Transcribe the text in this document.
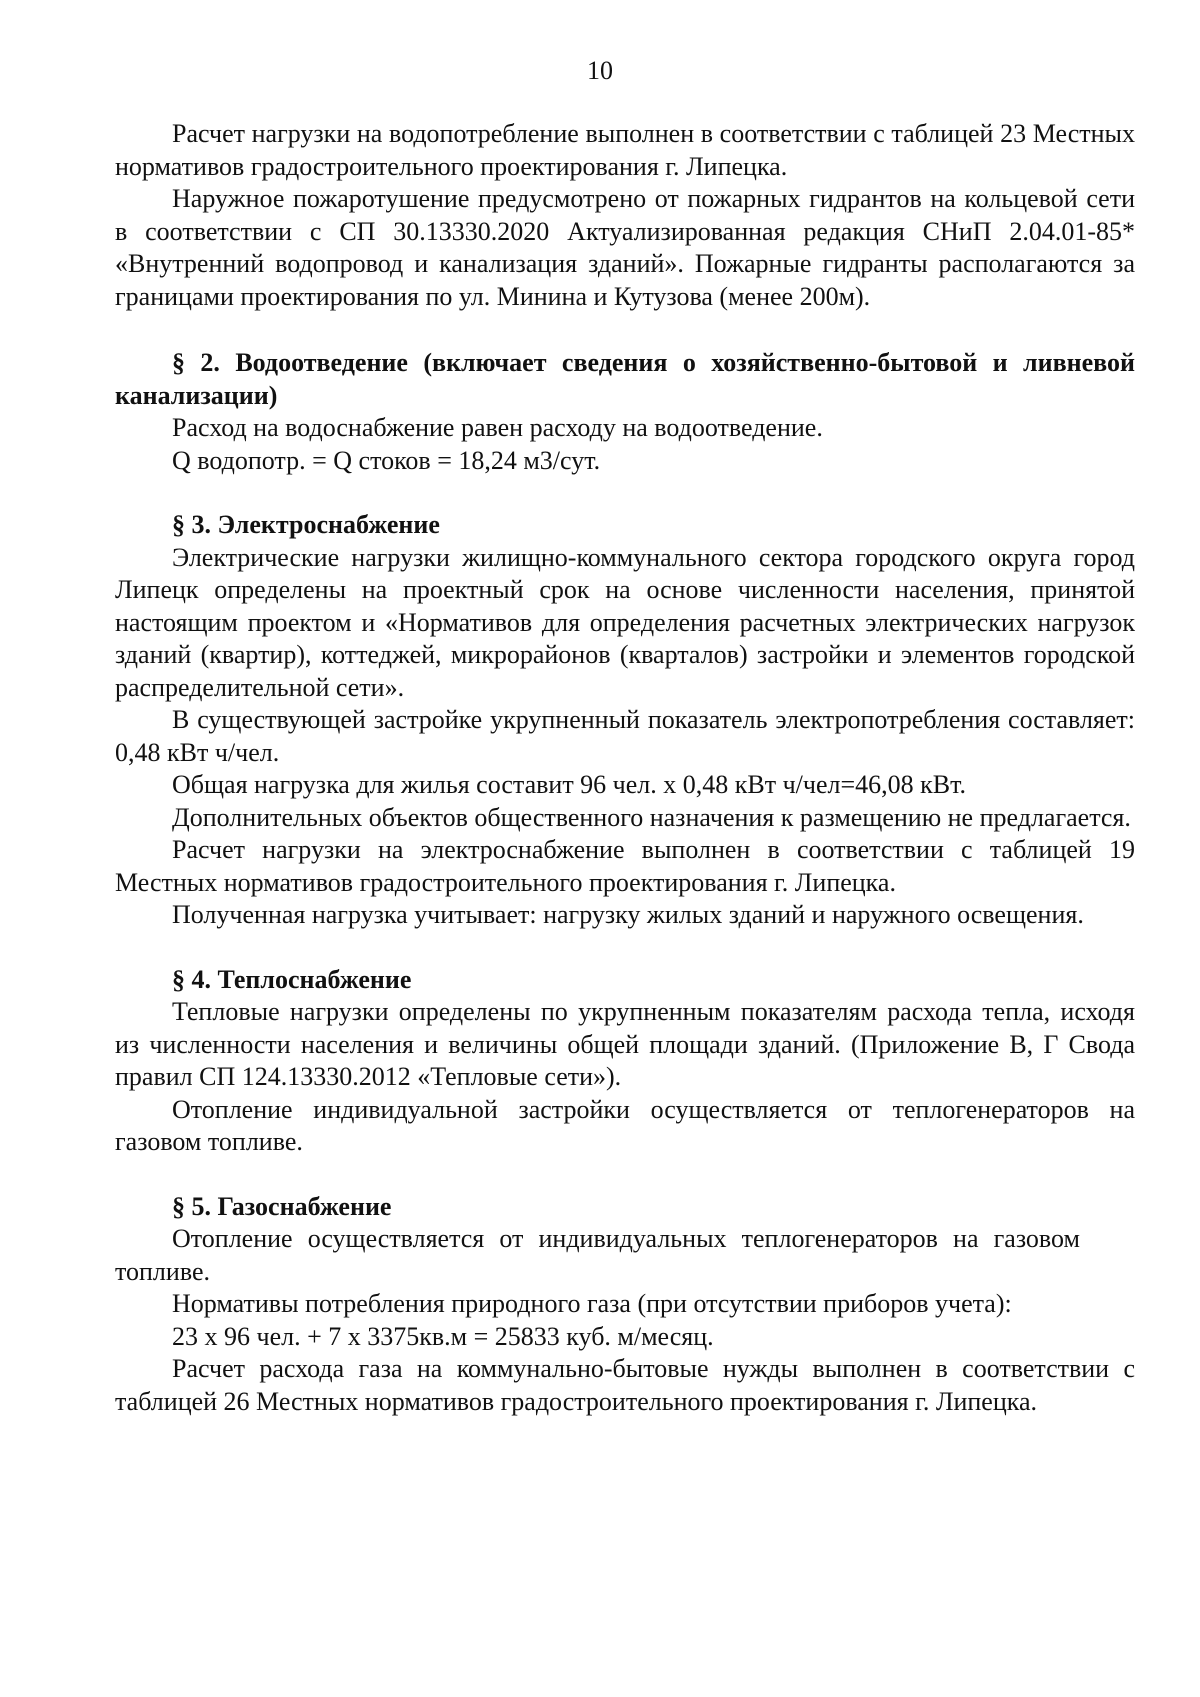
10

Расчет нагрузки на водопотребление выполнен в соответствии с таблицей 23 Местных нормативов градостроительного проектирования г. Липецка.

Наружное пожаротушение предусмотрено от пожарных гидрантов на кольцевой сети в соответствии с СП 30.13330.2020 Актуализированная редакция СНиП 2.04.01-85* «Внутренний водопровод и канализация зданий». Пожарные гидранты располагаются за границами проектирования по ул. Минина и Кутузова (менее 200м).

§ 2. Водоотведение (включает сведения о хозяйственно-бытовой и ливневой канализации)

Расход на водоснабжение равен расходу на водоотведение.

Q водопотр. = Q стоков = 18,24 м3/сут.

§ 3. Электроснабжение

Электрические нагрузки жилищно-коммунального сектора городского округа город Липецк определены на проектный срок на основе численности населения, принятой настоящим проектом и «Нормативов для определения расчетных электрических нагрузок зданий (квартир), коттеджей, микрорайонов (кварталов) застройки и элементов городской распределительной сети».

В существующей застройке укрупненный показатель электропотребления составляет: 0,48 кВт ч/чел.

Общая нагрузка для жилья составит 96 чел. х 0,48 кВт ч/чел=46,08 кВт.

Дополнительных объектов общественного назначения к размещению не предлагается.

Расчет нагрузки на электроснабжение выполнен в соответствии с таблицей 19 Местных нормативов градостроительного проектирования г. Липецка.

Полученная нагрузка учитывает: нагрузку жилых зданий и наружного освещения.

§ 4. Теплоснабжение

Тепловые нагрузки определены по укрупненным показателям расхода тепла, исходя из численности населения и величины общей площади зданий. (Приложение В, Г Свода правил СП 124.13330.2012 «Тепловые сети»).

Отопление индивидуальной застройки осуществляется от теплогенераторов на газовом топливе.

§ 5. Газоснабжение

Отопление осуществляется от индивидуальных теплогенераторов на газовом топливе.

Нормативы потребления природного газа (при отсутствии приборов учета):

23 х 96 чел. + 7 х 3375кв.м = 25833 куб. м/месяц.

Расчет расхода газа на коммунально-бытовые нужды выполнен в соответствии с таблицей 26 Местных нормативов градостроительного проектирования г. Липецка.
